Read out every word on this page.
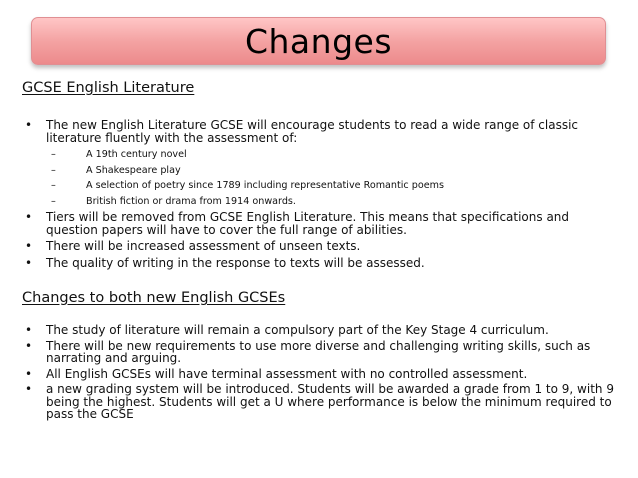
Changes

GCSE English Literature

• The new English Literature GCSE will encourage students to read a wide range of classic literature fluently with the assessment of:
–	A 19th century novel
–	A Shakespeare play
–	A selection of poetry since 1789 including representative Romantic poems
–	British fiction or drama from 1914 onwards.
• Tiers will be removed from GCSE English Literature. This means that specifications and question papers will have to cover the full range of abilities.
• There will be increased assessment of unseen texts.
• The quality of writing in the response to texts will be assessed.

Changes to both new English GCSEs

• The study of literature will remain a compulsory part of the Key Stage 4 curriculum.
• There will be new requirements to use more diverse and challenging writing skills, such as narrating and arguing.
• All English GCSEs will have terminal assessment with no controlled assessment.
• a new grading system will be introduced. Students will be awarded a grade from 1 to 9, with 9 being the highest. Students will get a U where performance is below the minimum required to pass the GCSE
